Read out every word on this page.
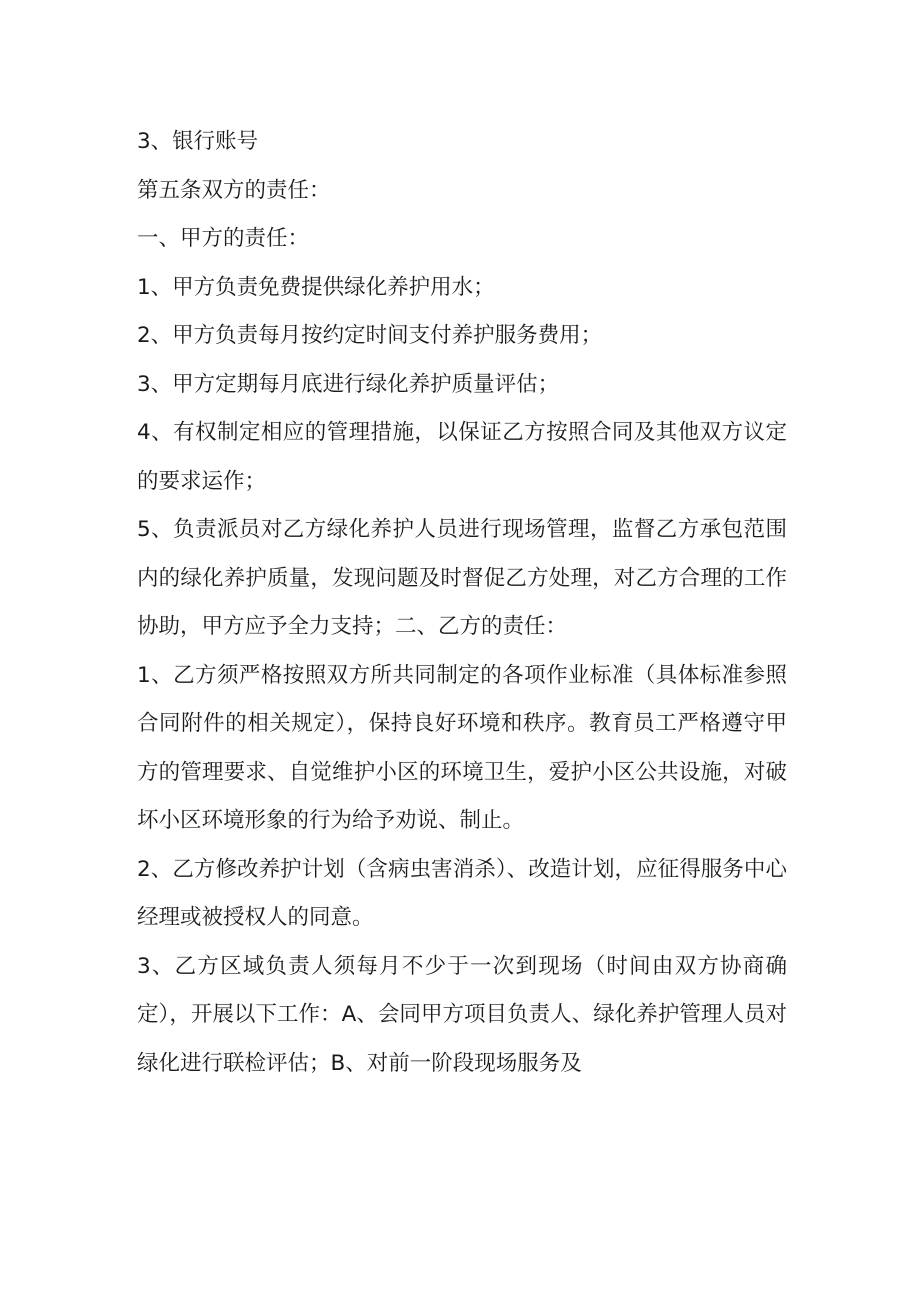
3、银行账号

第五条双方的责任：

一、甲方的责任：

1、甲方负责免费提供绿化养护用水；

2、甲方负责每月按约定时间支付养护服务费用；

3、甲方定期每月底进行绿化养护质量评估；

4、有权制定相应的管理措施，以保证乙方按照合同及其他双方议定的要求运作；

5、负责派员对乙方绿化养护人员进行现场管理，监督乙方承包范围内的绿化养护质量，发现问题及时督促乙方处理，对乙方合理的工作协助，甲方应予全力支持；二、乙方的责任：

1、乙方须严格按照双方所共同制定的各项作业标准（具体标准参照合同附件的相关规定），保持良好环境和秩序。教育员工严格遵守甲方的管理要求、自觉维护小区的环境卫生，爱护小区公共设施，对破坏小区环境形象的行为给予劝说、制止。

2、乙方修改养护计划（含病虫害消杀）、改造计划，应征得服务中心经理或被授权人的同意。

3、乙方区域负责人须每月不少于一次到现场（时间由双方协商确定），开展以下工作：A、会同甲方项目负责人、绿化养护管理人员对绿化进行联检评估；B、对前一阶段现场服务及
